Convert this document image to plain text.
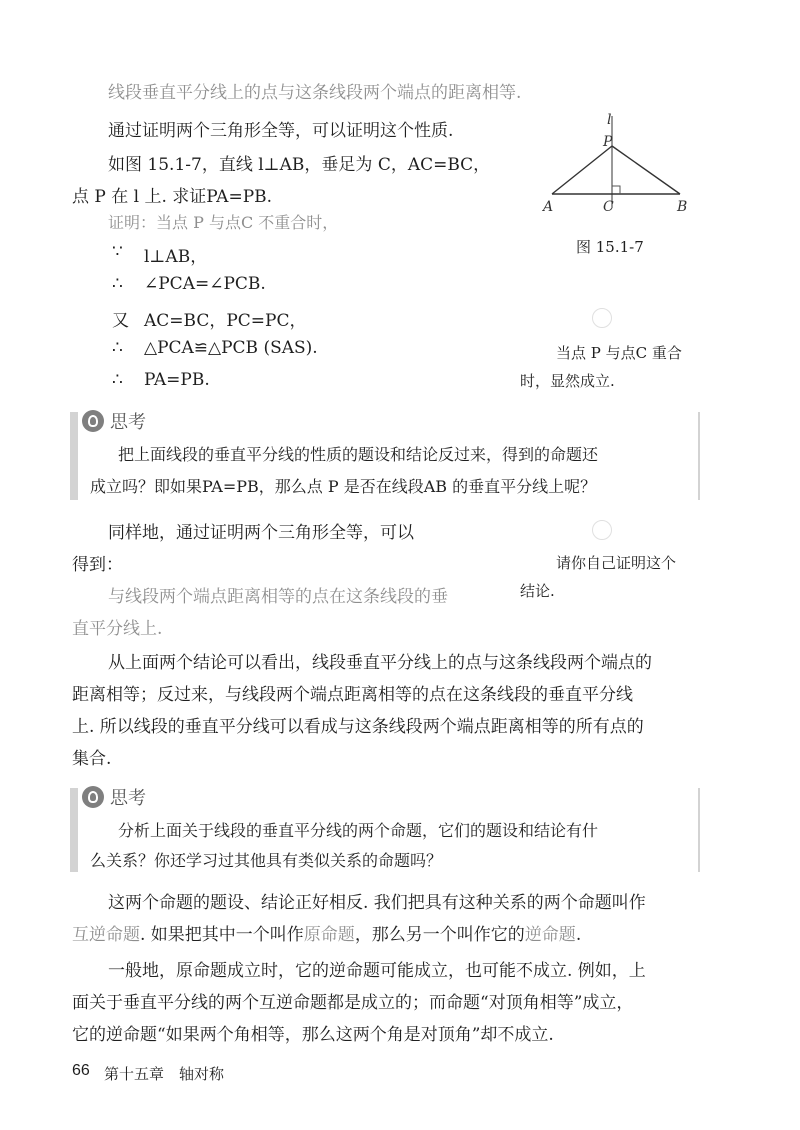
线段垂直平分线上的点与这条线段两个端点的距离相等.
通过证明两个三角形全等，可以证明这个性质.
如图 15.1-7，直线 l⊥AB，垂足为 C，AC=BC，
点 P 在 l 上. 求证PA=PB.
证明：当点 P 与点C 不重合时，
∵ l⊥AB，
∴ ∠PCA=∠PCB.
又 AC=BC，PC=PC，
∴ △PCA≌△PCB (SAS).
∴ PA=PB.
l
P
A	C	B
图 15.1-7
当点 P 与点C 重合
时，显然成立.
思考
把上面线段的垂直平分线的性质的题设和结论反过来，得到的命题还
成立吗？即如果PA=PB，那么点 P 是否在线段AB 的垂直平分线上呢？
同样地，通过证明两个三角形全等，可以
得到：	请你自己证明这个
结论.
与线段两个端点距离相等的点在这条线段的垂
直平分线上.
从上面两个结论可以看出，线段垂直平分线上的点与这条线段两个端点的
距离相等；反过来，与线段两个端点距离相等的点在这条线段的垂直平分线
上. 所以线段的垂直平分线可以看成与这条线段两个端点距离相等的所有点的
集合.
思考
分析上面关于线段的垂直平分线的两个命题，它们的题设和结论有什
么关系？你还学习过其他具有类似关系的命题吗？
这两个命题的题设、结论正好相反. 我们把具有这种关系的两个命题叫作
互逆命题. 如果把其中一个叫作原命题，那么另一个叫作它的逆命题.
一般地，原命题成立时，它的逆命题可能成立，也可能不成立. 例如，上
面关于垂直平分线的两个互逆命题都是成立的；而命题“对顶角相等”成立，
它的逆命题“如果两个角相等，那么这两个角是对顶角”却不成立.
66 第十五章　轴对称
